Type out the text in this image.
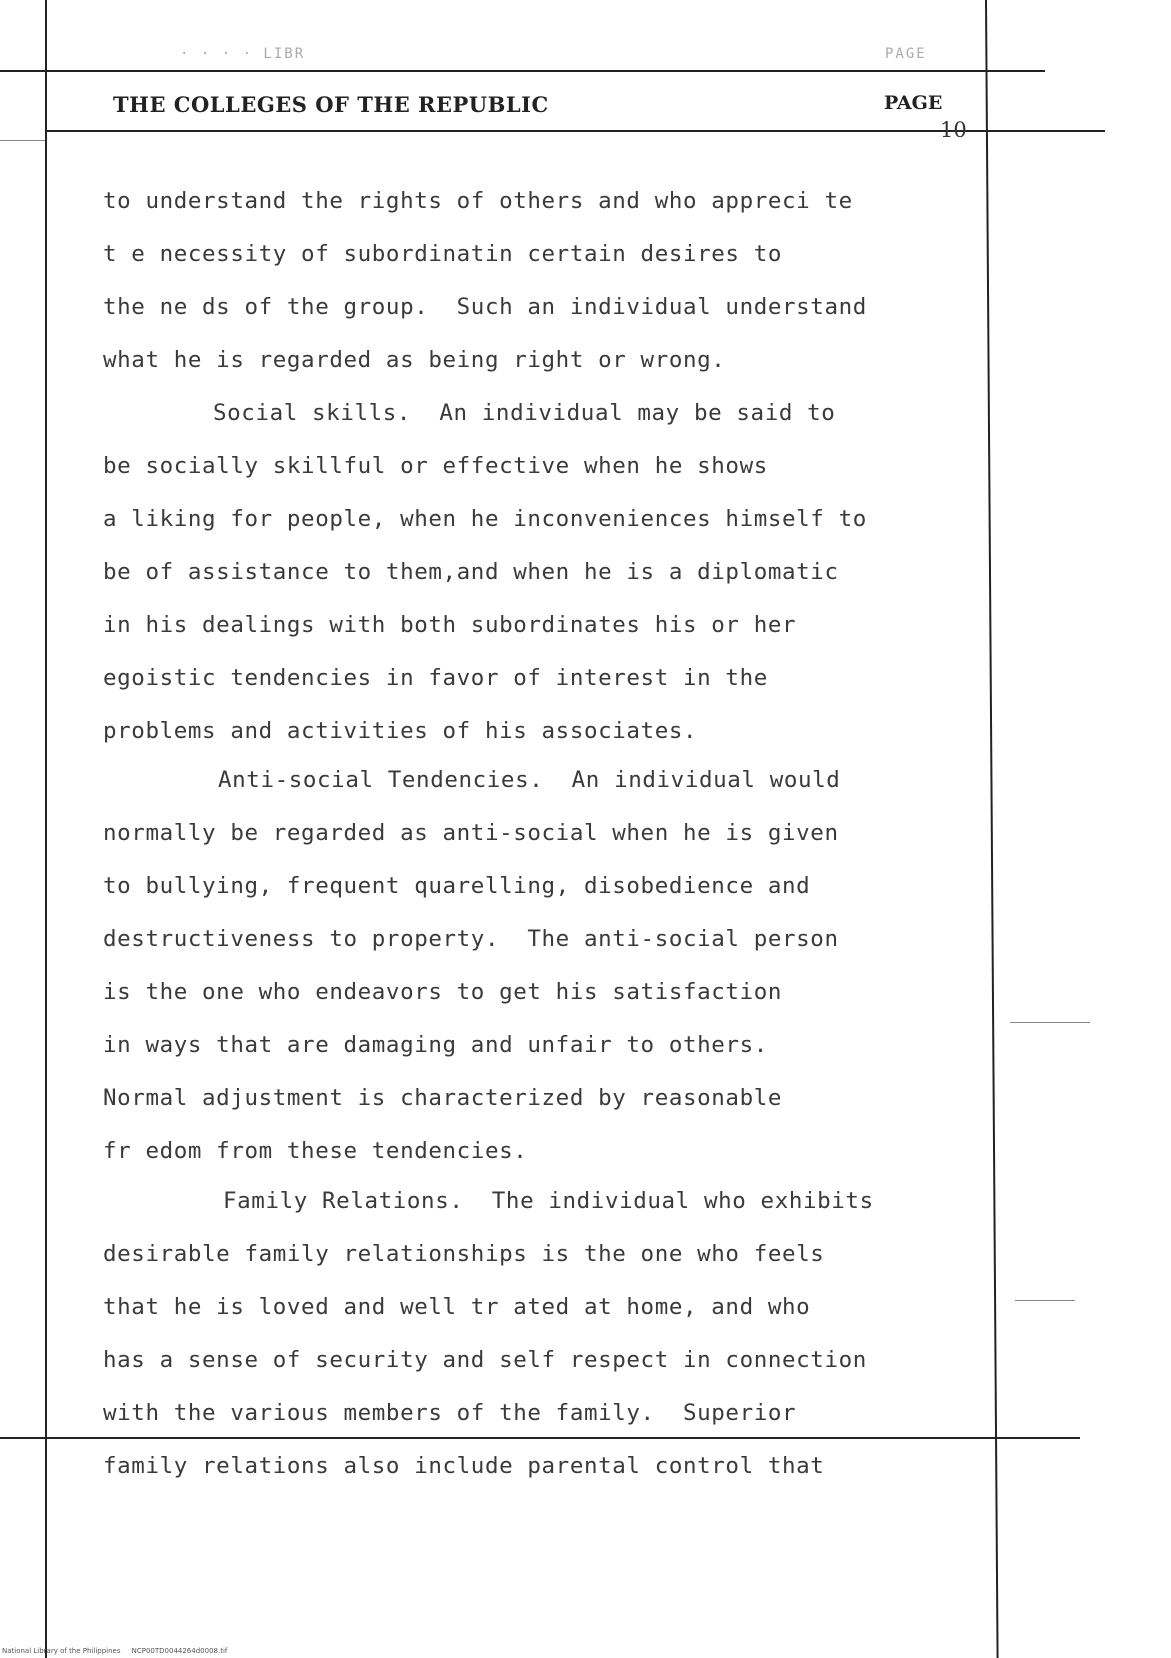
· · · · LIBR	PAGE
THE COLLEGES OF THE REPUBLIC	PAGE
10
to understand the rights of others and who appreci te
t e necessity of subordinatin certain desires to
the ne ds of the group.  Such an individual understand
what he is regarded as being right or wrong.
Social skills.  An individual may be said to
be socially skillful or effective when he shows
a liking for people, when he inconveniences himself to
be of assistance to them,and when he is a diplomatic
in his dealings with both subordinates his or her
egoistic tendencies in favor of interest in the
problems and activities of his associates.
Anti-social Tendencies.  An individual would
normally be regarded as anti-social when he is given
to bullying, frequent quarelling, disobedience and
destructiveness to property.  The anti-social person
is the one who endeavors to get his satisfaction
in ways that are damaging and unfair to others.
Normal adjustment is characterized by reasonable
fr edom from these tendencies.
Family Relations.  The individual who exhibits
desirable family relationships is the one who feels
that he is loved and well tr ated at home, and who
has a sense of security and self respect in connection
with the various members of the family.  Superior
family relations also include parental control that
National Library of the Philippines     NCP00TD0044264d0008.tif
